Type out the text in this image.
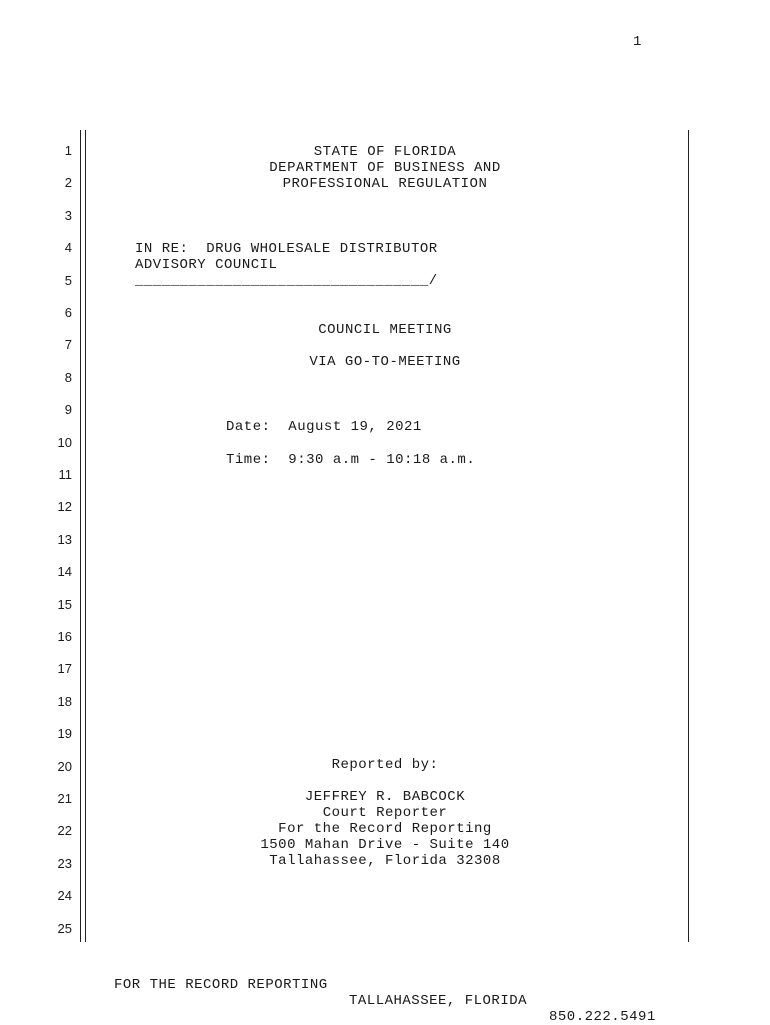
1
1
2
3
4
5
6
7
8
9
10
11
12
13
14
15
16
17
18
19
20
21
22
23
24
25
STATE OF FLORIDA
DEPARTMENT OF BUSINESS AND
PROFESSIONAL REGULATION
IN RE:  DRUG WHOLESALE DISTRIBUTOR
ADVISORY COUNCIL
_________________________________/
COUNCIL MEETING
VIA GO-TO-MEETING
Date:  August 19, 2021
Time:  9:30 a.m - 10:18 a.m.
Reported by:
JEFFREY R. BABCOCK
Court Reporter
For the Record Reporting
1500 Mahan Drive - Suite 140
Tallahassee, Florida 32308

FOR THE RECORD REPORTING

TALLAHASSEE, FLORIDA

850.222.5491
